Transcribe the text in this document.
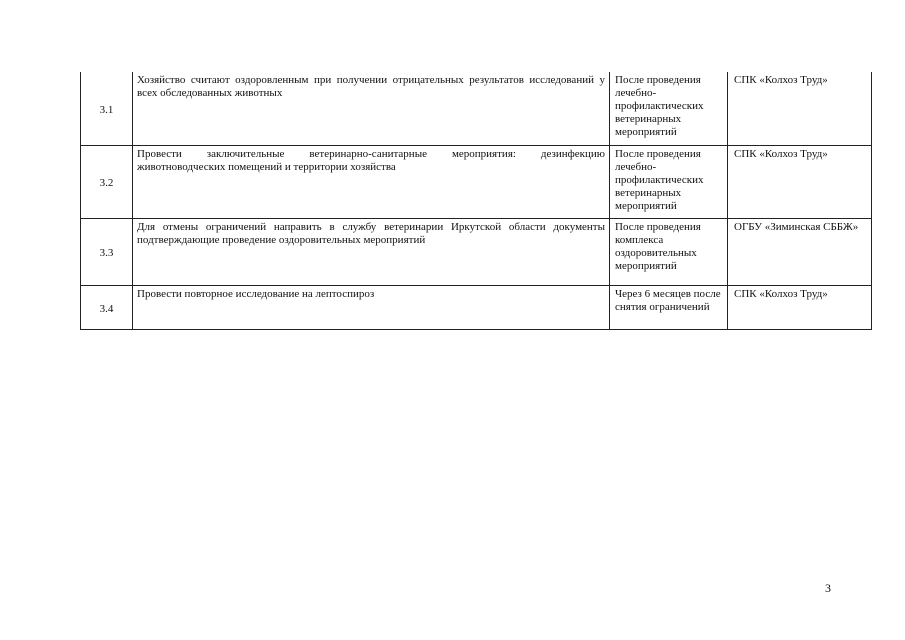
3.1	Хозяйство считают оздоровленным при получении отрицательных результатов исследований у всех обследованных животных	После проведения лечебно-профилактических ветеринарных мероприятий	СПК «Колхоз Труд»
3.2	Провести заключительные ветеринарно-санитарные мероприятия: дезинфекцию животноводческих помещений и территории хозяйства	После проведения лечебно-профилактических ветеринарных мероприятий	СПК «Колхоз Труд»
3.3	Для отмены ограничений направить в службу ветеринарии Иркутской области документы подтверждающие проведение оздоровительных мероприятий	После проведения комплекса оздоровительных мероприятий	ОГБУ «Зиминская СББЖ»
3.4	Провести повторное исследование на лептоспироз	Через 6 месяцев после снятия ограничений	СПК «Колхоз Труд»
3
